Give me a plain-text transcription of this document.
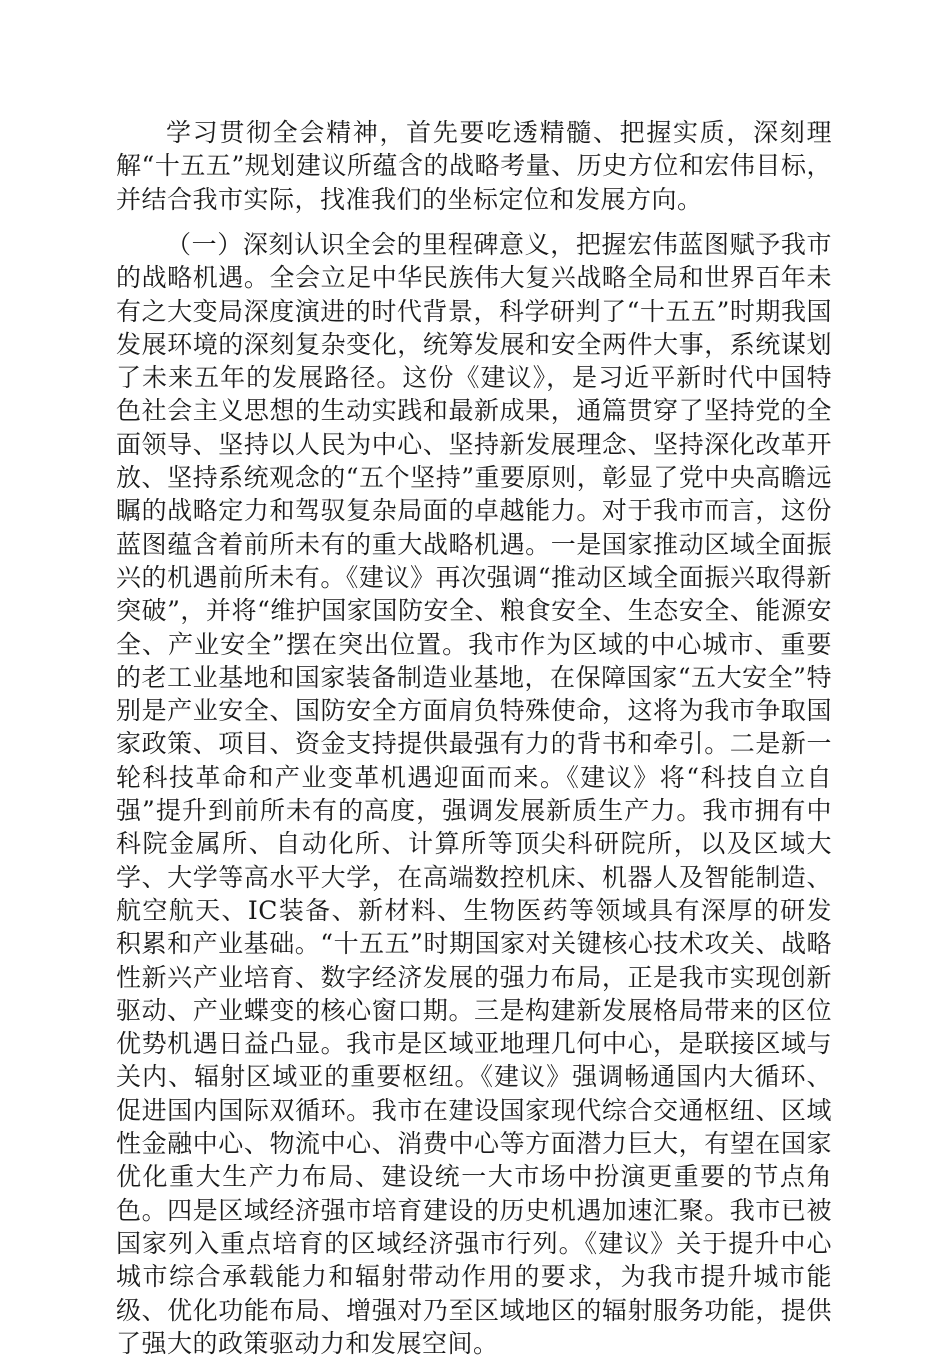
学习贯彻全会精神，首先要吃透精髓、把握实质，深刻理解“十五五”规划建议所蕴含的战略考量、历史方位和宏伟目标，并结合我市实际，找准我们的坐标定位和发展方向。

（一）深刻认识全会的里程碑意义，把握宏伟蓝图赋予我市的战略机遇。全会立足中华民族伟大复兴战略全局和世界百年未有之大变局深度演进的时代背景，科学研判了“十五五”时期我国发展环境的深刻复杂变化，统筹发展和安全两件大事，系统谋划了未来五年的发展路径。这份《建议》，是习近平新时代中国特色社会主义思想的生动实践和最新成果，通篇贯穿了坚持党的全面领导、坚持以人民为中心、坚持新发展理念、坚持深化改革开放、坚持系统观念的“五个坚持”重要原则，彰显了党中央高瞻远瞩的战略定力和驾驭复杂局面的卓越能力。对于我市而言，这份蓝图蕴含着前所未有的重大战略机遇。一是国家推动区域全面振兴的机遇前所未有。《建议》再次强调“推动区域全面振兴取得新突破”，并将“维护国家国防安全、粮食安全、生态安全、能源安全、产业安全”摆在突出位置。我市作为区域的中心城市、重要的老工业基地和国家装备制造业基地，在保障国家“五大安全”特别是产业安全、国防安全方面肩负特殊使命，这将为我市争取国家政策、项目、资金支持提供最强有力的背书和牵引。二是新一轮科技革命和产业变革机遇迎面而来。《建议》将“科技自立自强”提升到前所未有的高度，强调发展新质生产力。我市拥有中科院金属所、自动化所、计算所等顶尖科研院所，以及区域大学、大学等高水平大学，在高端数控机床、机器人及智能制造、航空航天、IC装备、新材料、生物医药等领域具有深厚的研发积累和产业基础。“十五五”时期国家对关键核心技术攻关、战略性新兴产业培育、数字经济发展的强力布局，正是我市实现创新驱动、产业蝶变的核心窗口期。三是构建新发展格局带来的区位优势机遇日益凸显。我市是区域亚地理几何中心，是联接区域与关内、辐射区域亚的重要枢纽。《建议》强调畅通国内大循环、促进国内国际双循环。我市在建设国家现代综合交通枢纽、区域性金融中心、物流中心、消费中心等方面潜力巨大，有望在国家优化重大生产力布局、建设统一大市场中扮演更重要的节点角色。四是区域经济强市培育建设的历史机遇加速汇聚。我市已被国家列入重点培育的区域经济强市行列。《建议》关于提升中心城市综合承载能力和辐射带动作用的要求，为我市提升城市能级、优化功能布局、增强对乃至区域地区的辐射服务功能，提供了强大的政策驱动力和发展空间。
